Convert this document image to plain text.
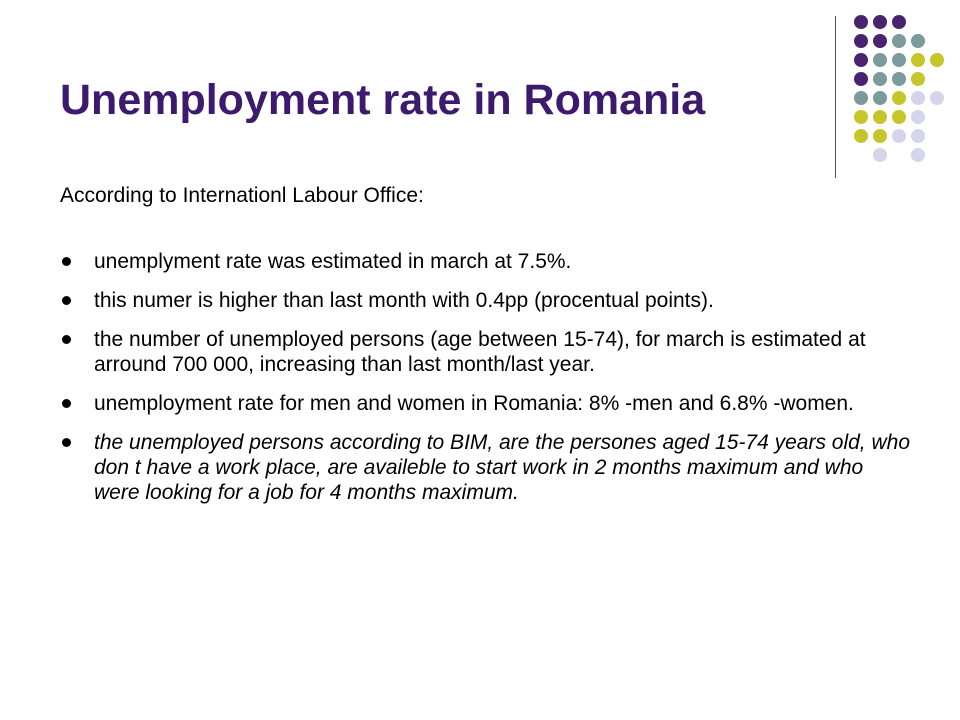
Unemployment rate in Romania

According to Internationl Labour Office:

unemplyment rate was estimated in march at 7.5%.
this numer is higher than last month with 0.4pp (procentual points).
the number of unemployed persons (age between 15-74), for march is estimated at arround 700 000, increasing than last month/last year.
unemployment rate for men and women in Romania: 8% -men and 6.8% -women.
the unemployed persons according to BIM, are the persones aged 15-74 years old, who don t have a work place, are availeble to start work in 2 months maximum and who were looking for a job for 4 months maximum.
